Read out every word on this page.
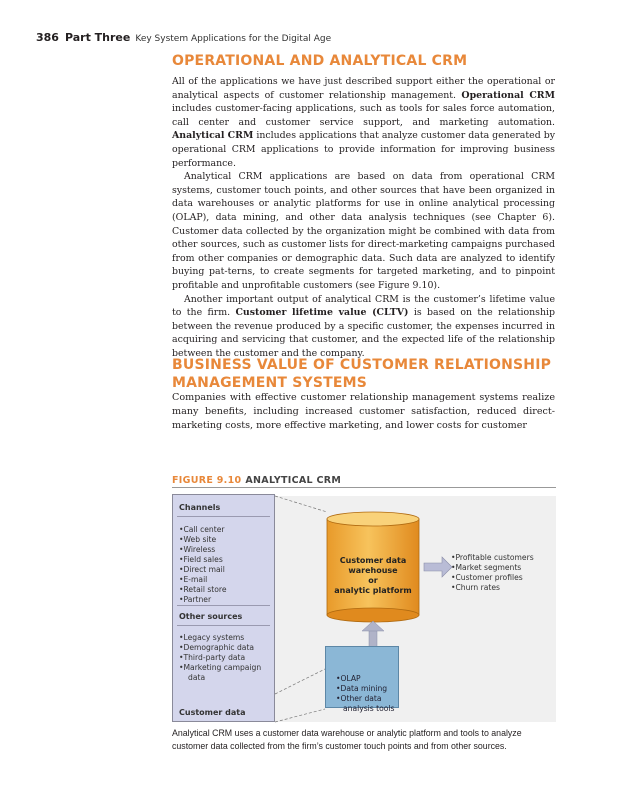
386 Part Three Key System Applications for the Digital Age
OPERATIONAL AND ANALYTICAL CRM

All of the applications we have just described support either the operational or analytical aspects of customer relationship management. Operational CRM includes customer-facing applications, such as tools for sales force automation, call center and customer service support, and marketing automation. Analytical CRM includes applications that analyze customer data generated by operational CRM applications to provide information for improving business performance.

Analytical CRM applications are based on data from operational CRM systems, customer touch points, and other sources that have been organized in data warehouses or analytic platforms for use in online analytical processing (OLAP), data mining, and other data analysis techniques (see Chapter 6). Customer data collected by the organization might be combined with data from other sources, such as customer lists for direct-marketing campaigns purchased from other companies or demographic data. Such data are analyzed to identify buying pat-terns, to create segments for targeted marketing, and to pinpoint profitable and unprofitable customers (see Figure 9.10).

Another important output of analytical CRM is the customer’s lifetime value to the firm. Customer lifetime value (CLTV) is based on the relationship between the revenue produced by a specific customer, the expenses incurred in acquiring and servicing that customer, and the expected life of the relationship between the customer and the company.

BUSINESS VALUE OF CUSTOMER RELATIONSHIP
MANAGEMENT SYSTEMS

Companies with effective customer relationship management systems realize many benefits, including increased customer satisfaction, reduced direct-marketing costs, more effective marketing, and lower costs for customer

FIGURE 9.10 ANALYTICAL CRM
Channels
• Call center
• Web site
• Wireless
• Field sales
• Direct mail
• E-mail
• Retail store
• Partner
Other sources
• Legacy systems
• Demographic data
• Third-party data
• Marketing campaign
data
Customer data
Customer data
warehouse
or
analytic platform
• Profitable customers
• Market segments
• Customer profiles
• Churn rates
• OLAP
• Data mining
• Other data
analysis tools
Analytical CRM uses a customer data warehouse or analytic platform and tools to analyze customer data collected from the firm’s customer touch points and from other sources.
